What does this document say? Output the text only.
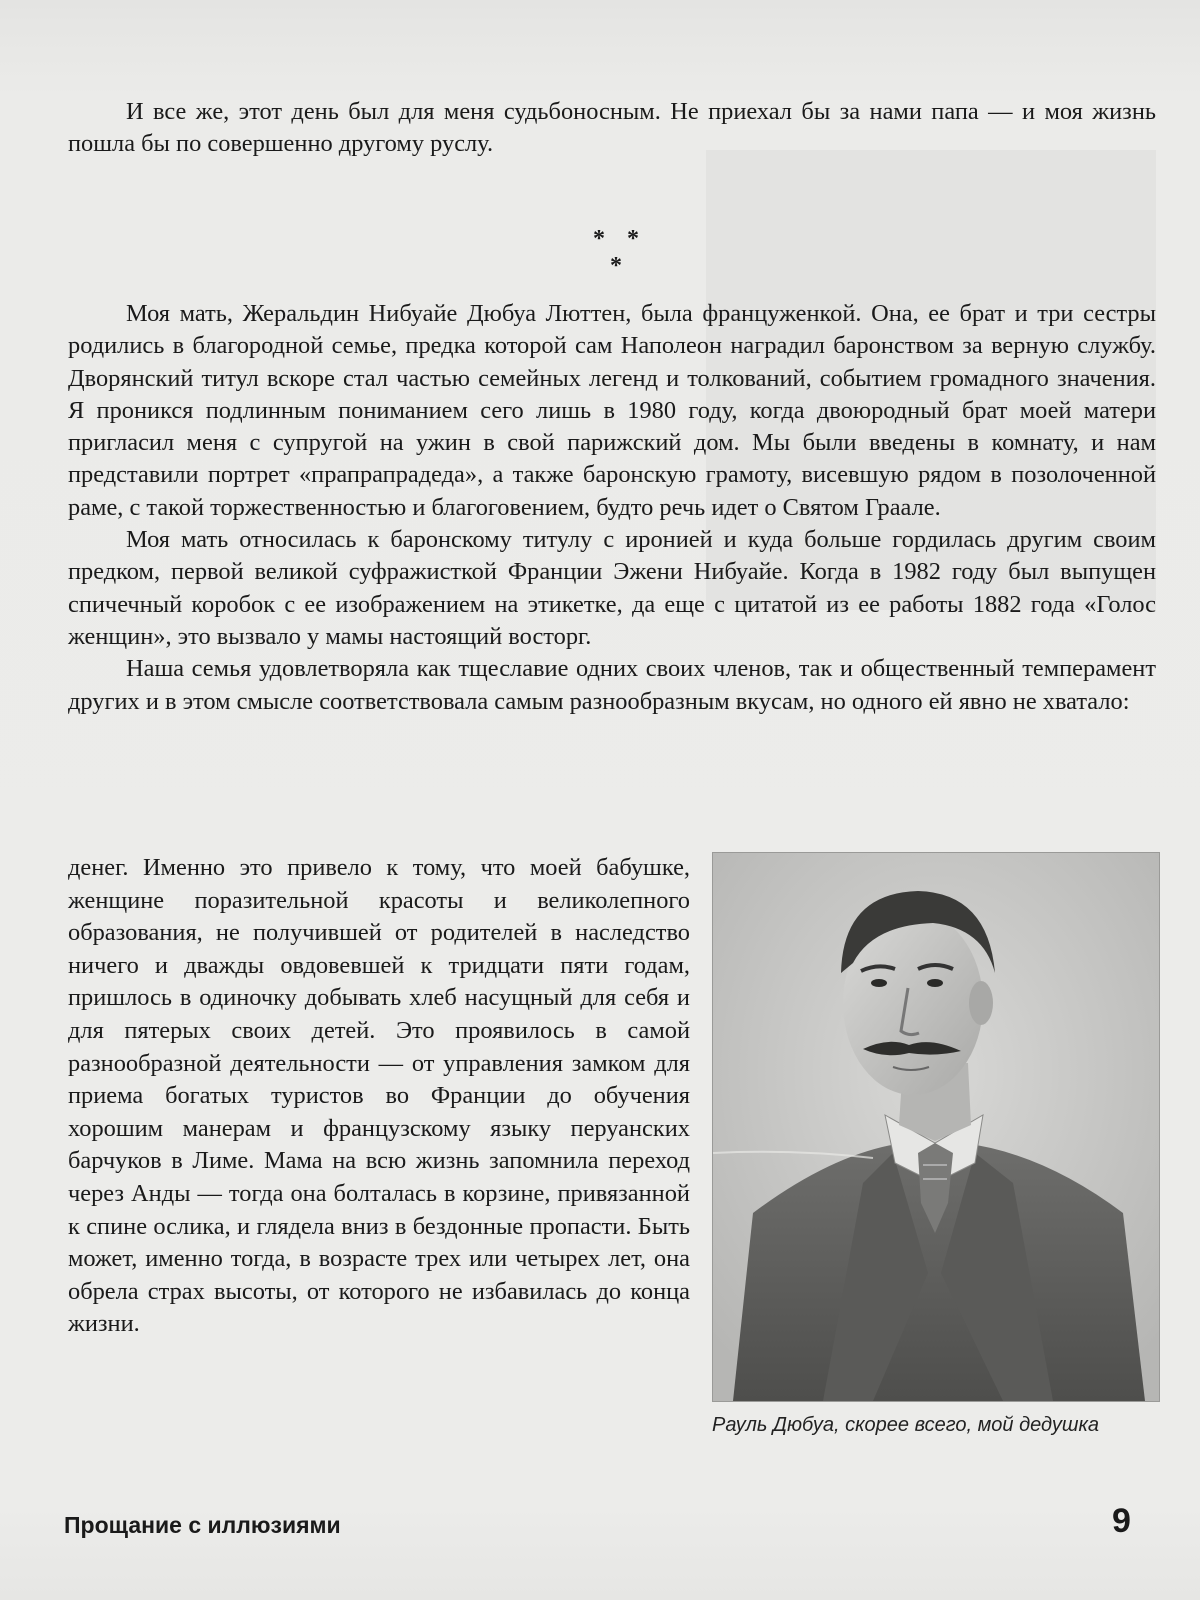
И все же, этот день был для меня судьбоносным. Не приехал бы за нами папа — и моя жизнь пошла бы по совершенно другому руслу.

* * *

Моя мать, Жеральдин Нибуайе Дюбуа Люттен, была француженкой. Она, ее брат и три сестры родились в благородной семье, предка которой сам Наполеон наградил баронством за верную службу. Дворянский титул вскоре стал частью семейных легенд и толкований, событием громадного значения. Я проникся подлинным пониманием сего лишь в 1980 году, когда двоюродный брат моей матери пригласил меня с супругой на ужин в свой парижский дом. Мы были введены в комнату, и нам представили портрет «прапрапрадеда», а также баронскую грамоту, висевшую рядом в позолоченной раме, с такой торжественностью и благоговением, будто речь идет о Святом Граале.

Моя мать относилась к баронскому титулу с иронией и куда больше гордилась другим своим предком, первой великой суфражисткой Франции Эжени Нибуайе. Когда в 1982 году был выпущен спичечный коробок с ее изображением на этикетке, да еще с цитатой из ее работы 1882 года «Голос женщин», это вызвало у мамы настоящий восторг.

Наша семья удовлетворяла как тщеславие одних своих членов, так и общественный темперамент других и в этом смысле соответствовала самым разнообразным вкусам, но одного ей явно не хватало:

денег. Именно это привело к тому, что моей бабушке, женщине поразительной красоты и великолепного образования, не получившей от родителей в наследство ничего и дважды овдовевшей к тридцати пяти годам, пришлось в одиночку добывать хлеб насущный для себя и для пятерых своих детей. Это проявилось в самой разнообразной деятельности — от управления замком для приема богатых туристов во Франции до обучения хорошим манерам и французскому языку перуанских барчуков в Лиме. Мама на всю жизнь запомнила переход через Анды — тогда она болталась в корзине, привязанной к спине ослика, и глядела вниз в бездонные пропасти. Быть может, именно тогда, в возрасте трех или четырех лет, она обрела страх высоты, от которого не избавилась до конца жизни.
Рауль Дюбуа, скорее всего, мой дедушка
Прощание с иллюзиями	9
